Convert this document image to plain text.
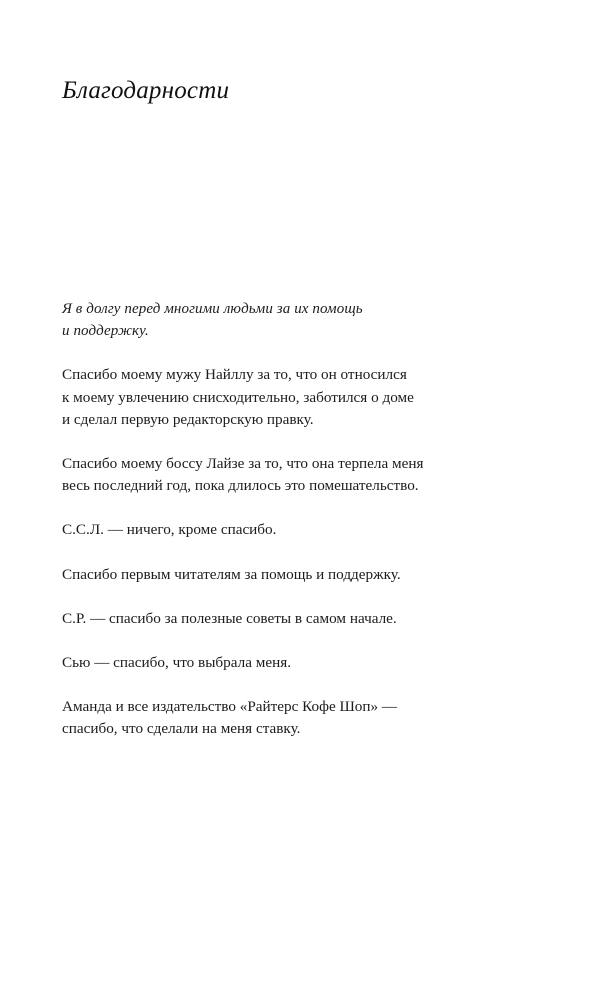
Благодарности

Я в долгу перед многими людьми за их помощь
и поддержку.

Спасибо моему мужу Найллу за то, что он относился
к моему увлечению снисходительно, заботился о доме
и сделал первую редакторскую правку.

Спасибо моему боссу Лайзе за то, что она терпела меня
весь последний год, пока длилось это помешательство.

С.С.Л. — ничего, кроме спасибо.

Спасибо первым читателям за помощь и поддержку.

С.Р. — спасибо за полезные советы в самом начале.

Сью — спасибо, что выбрала меня.

Аманда и все издательство «Райтерс Кофе Шоп» —
спасибо, что сделали на меня ставку.
